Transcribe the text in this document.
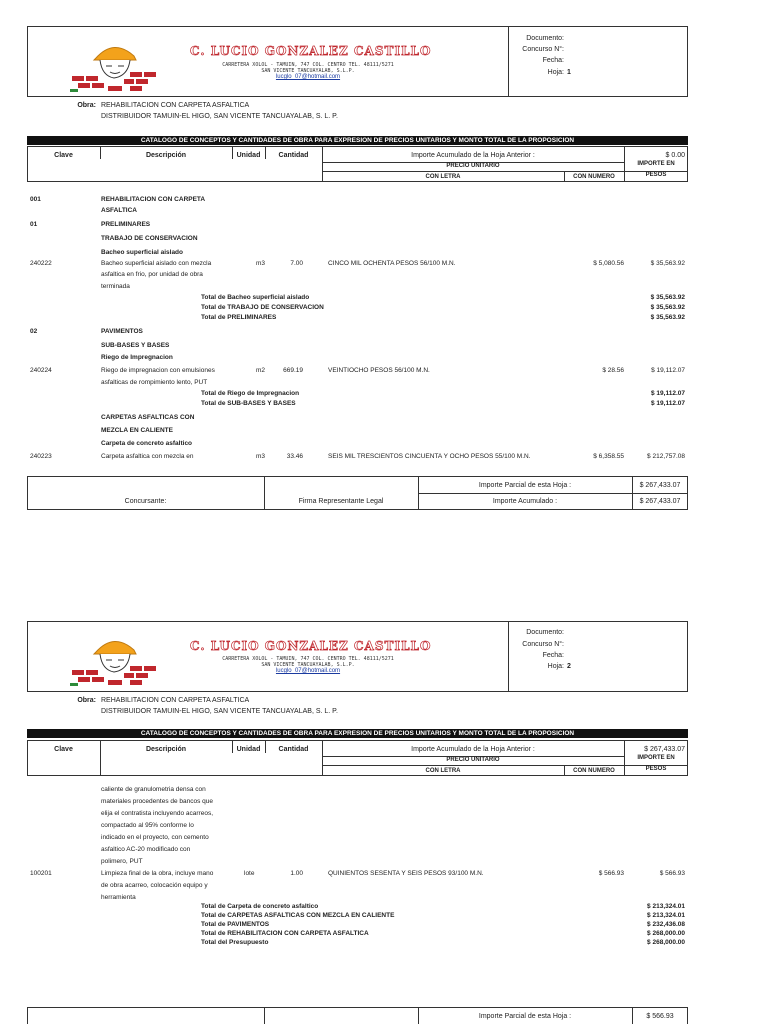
C. LUCIO GONZALEZ CASTILLO
CARRETERA XOLOL - TAMUIN, 747 COL. CENTRO TEL. 48111/5271
SAN VICENTE TANCUAYALAB, S.L.P.
lucglo_07@hotmail.com
Documento:
Concurso N°:
Fecha:
Hoja: 1
Obra: REHABILITACION CON CARPETA ASFALTICA
DISTRIBUIDOR TAMUIN-EL HIGO, SAN VICENTE TANCUAYALAB, S. L. P.
CATALOGO DE CONCEPTOS Y CANTIDADES DE OBRA PARA EXPRESION DE PRECIOS UNITARIOS Y MONTO TOTAL DE LA PROPOSICION
Clave	Descripción	Unidad	Cantidad	Importe Acumulado de la Hoja Anterior :	$ 0.00
PRECIO UNITARIO	IMPORTE EN
PESOS
CON LETRA	CON NUMERO
001	REHABILITACION CON CARPETA
ASFALTICA
01	PRELIMINARES
TRABAJO DE CONSERVACION
Bacheo superficial aislado
240222	Bacheo superficial aislado con mezcla	m3	7.00	CINCO MIL OCHENTA PESOS 56/100 M.N.	$ 5,080.56	$ 35,563.92
asfaltica en frio, por unidad de obra
terminada
Total de Bacheo superficial aislado	$ 35,563.92
Total de TRABAJO DE CONSERVACION	$ 35,563.92
Total de PRELIMINARES	$ 35,563.92
02	PAVIMENTOS
SUB-BASES Y BASES
Riego de Impregnacion
240224	Riego de impregnacion con emulsiones	m2	669.19	VEINTIOCHO PESOS 56/100 M.N.	$ 28.56	$ 19,112.07
asfalticas de rompimiento lento, PUT
Total de Riego de Impregnacion	$ 19,112.07
Total de SUB-BASES Y BASES	$ 19,112.07
CARPETAS ASFALTICAS CON
MEZCLA EN CALIENTE
Carpeta de concreto asfaltico
240223	Carpeta asfaltica con mezcla en	m3	33.46	SEIS MIL TRESCIENTOS CINCUENTA Y OCHO PESOS 55/100 M.N.	$ 6,358.55	$ 212,757.08
Importe Parcial de esta Hoja :	$ 267,433.07
Importe Acumulado :	$ 267,433.07
Concursante:	Firma Representante Legal
C. LUCIO GONZALEZ CASTILLO
CARRETERA XOLOL - TAMUIN, 747 COL. CENTRO TEL. 48111/5271
SAN VICENTE TANCUAYALAB, S.L.P.
lucglo_07@hotmail.com
Documento:
Concurso N°:
Fecha:
Hoja: 2
Obra: REHABILITACION CON CARPETA ASFALTICA
DISTRIBUIDOR TAMUIN-EL HIGO, SAN VICENTE TANCUAYALAB, S. L. P.
CATALOGO DE CONCEPTOS Y CANTIDADES DE OBRA PARA EXPRESION DE PRECIOS UNITARIOS Y MONTO TOTAL DE LA PROPOSICION
Clave	Descripción	Unidad	Cantidad	Importe Acumulado de la Hoja Anterior :	$ 267,433.07
PRECIO UNITARIO	IMPORTE EN
PESOS
CON LETRA	CON NUMERO
caliente de granulometria densa con
materiales procedentes de bancos que
elija el contratista incluyendo acarreos,
compactado al 95% conforme lo
indicado en el proyecto, con cemento
asfaltico AC-20 modificado con
polimero, PUT
100201	Limpieza final de la obra, incluye mano	lote	1.00	QUINIENTOS SESENTA Y SEIS PESOS 93/100 M.N.	$ 566.93	$ 566.93
de obra acarreo, colocación equipo y
herramienta
Total de Carpeta de concreto asfaltico	$ 213,324.01
Total de CARPETAS ASFALTICAS CON MEZCLA EN CALIENTE	$ 213,324.01
Total de PAVIMENTOS	$ 232,436.08
Total de REHABILITACION CON CARPETA ASFALTICA	$ 268,000.00
Total del Presupuesto	$ 268,000.00
Importe Parcial de esta Hoja :	$ 566.93
